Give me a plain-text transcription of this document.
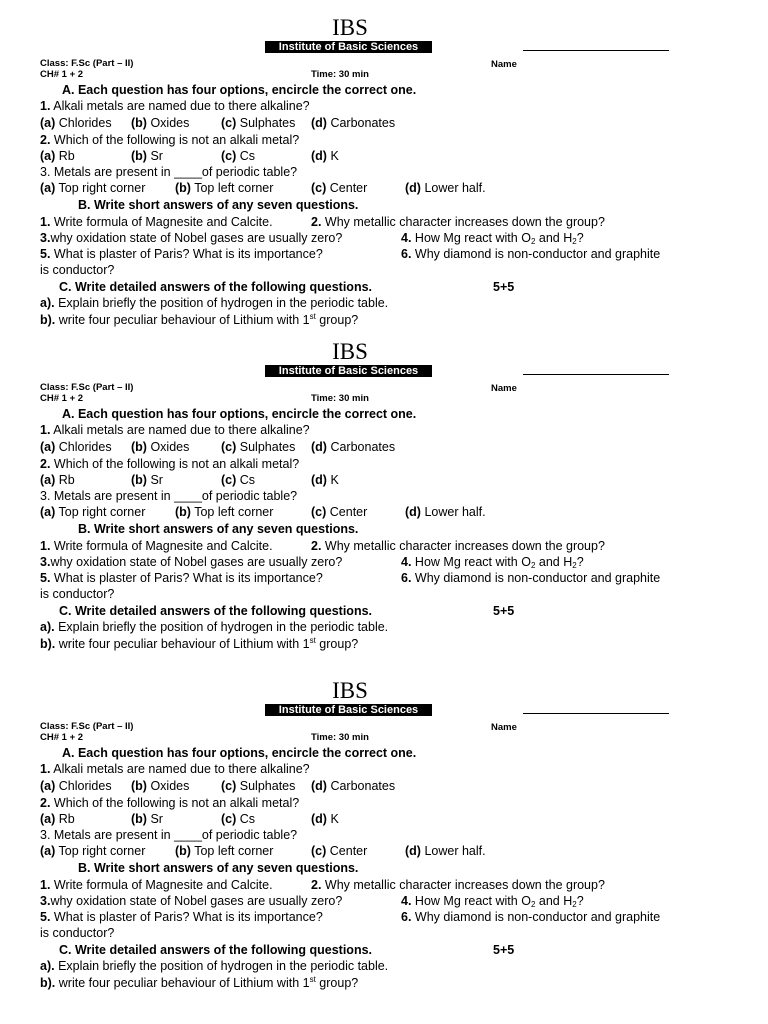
IBS
Class: F.Sc (Part – II)
CH# 1 + 2
Institute of Basic Sciences
Time: 30 min
Name
A. Each question has four options, encircle the correct one.
1. Alkali metals are named due to there alkaline?
(a) Chlorides (b) Oxides	(c) Sulphates (d) Carbonates
2. Which of the following is not an alkali metal?
(a) Rb	(b) Sr	(c) Cs	(d) K
3. Metals are present in ____of periodic table?
(a) Top right corner (b) Top left corner	(c) Center	(d) Lower half.
B. Write short answers of any seven questions.
1. Write formula of Magnesite and Calcite.	2. Why metallic character increases down the group?
3.why oxidation state of Nobel gases are usually zero?	4. How Mg react with $O_2$ and $H_2$?
5. What is plaster of Paris? What is its importance?	6. Why diamond is non-conductor and graphite
is conductor?
C. Write detailed answers of the following questions.	5+5
a). Explain briefly the position of hydrogen in the periodic table.
b). write four peculiar behaviour of Lithium with 1st group?
IBS
Class: F.Sc (Part – II)
CH# 1 + 2
Institute of Basic Sciences
Time: 30 min
Name
A. Each question has four options, encircle the correct one.
1. Alkali metals are named due to there alkaline?
(a) Chlorides (b) Oxides	(c) Sulphates (d) Carbonates
2. Which of the following is not an alkali metal?
(a) Rb	(b) Sr	(c) Cs	(d) K
3. Metals are present in ____of periodic table?
(a) Top right corner (b) Top left corner	(c) Center	(d) Lower half.
B. Write short answers of any seven questions.
1. Write formula of Magnesite and Calcite.	2. Why metallic character increases down the group?
3.why oxidation state of Nobel gases are usually zero?	4. How Mg react with $O_2$ and $H_2$?
5. What is plaster of Paris? What is its importance?	6. Why diamond is non-conductor and graphite
is conductor?
C. Write detailed answers of the following questions.	5+5
a). Explain briefly the position of hydrogen in the periodic table.
b). write four peculiar behaviour of Lithium with 1st group?
IBS
Class: F.Sc (Part – II)
CH# 1 + 2
Institute of Basic Sciences
Time: 30 min
Name
A. Each question has four options, encircle the correct one.
1. Alkali metals are named due to there alkaline?
(a) Chlorides (b) Oxides	(c) Sulphates (d) Carbonates
2. Which of the following is not an alkali metal?
(a) Rb	(b) Sr	(c) Cs	(d) K
3. Metals are present in ____of periodic table?
(a) Top right corner (b) Top left corner	(c) Center	(d) Lower half.
B. Write short answers of any seven questions.
1. Write formula of Magnesite and Calcite.	2. Why metallic character increases down the group?
3.why oxidation state of Nobel gases are usually zero?	4. How Mg react with $O_2$ and $H_2$?
5. What is plaster of Paris? What is its importance?	6. Why diamond is non-conductor and graphite
is conductor?
C. Write detailed answers of the following questions.	5+5
a). Explain briefly the position of hydrogen in the periodic table.
b). write four peculiar behaviour of Lithium with 1st group?
